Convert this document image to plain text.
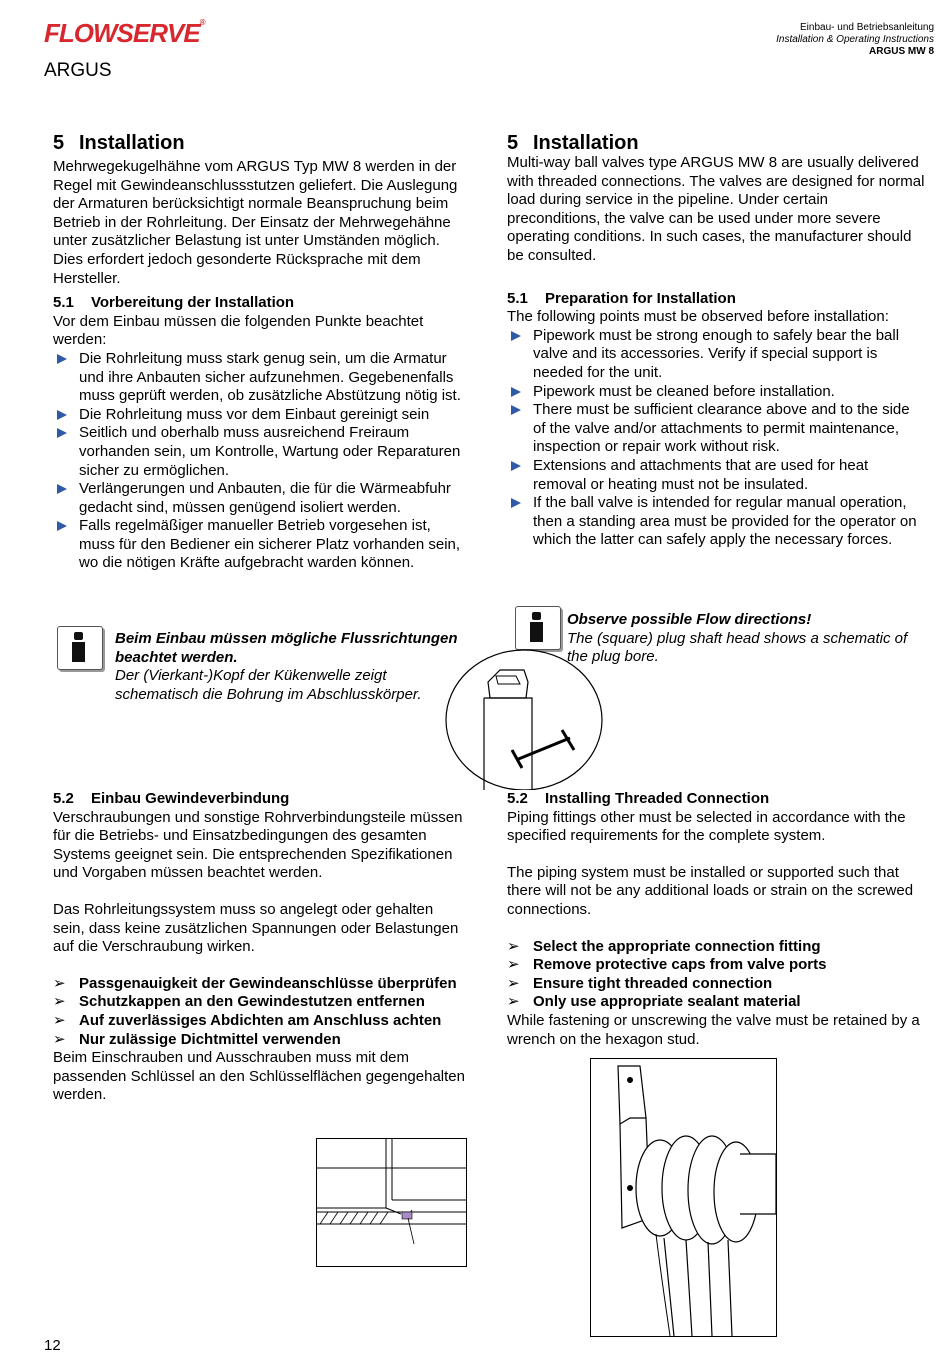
FLOWSERVE®
ARGUS
Einbau- und Betriebsanleitung
Installation & Operating Instructions
ARGUS MW 8
5 Installation

Mehrwegekugelhähne vom ARGUS Typ MW 8 werden in der Regel mit Gewindeanschlussstutzen geliefert. Die Auslegung der Armaturen berücksichtigt normale Beanspruchung beim Betrieb in der Rohrleitung. Der Einsatz der Mehrwegehähne unter zusätzlicher Belastung ist unter Umständen möglich. Dies erfordert jedoch gesonderte Rücksprache mit dem Hersteller.

5.1 Vorbereitung der Installation

Vor dem Einbau müssen die folgenden Punkte beachtet werden:

Die Rohrleitung muss stark genug sein, um die Armatur und ihre Anbauten sicher aufzunehmen. Gegebenenfalls muss geprüft werden, ob zusätzliche Abstützung nötig ist.
Die Rohrleitung muss vor dem Einbaut gereinigt sein
Seitlich und oberhalb muss ausreichend Freiraum vorhanden sein, um Kontrolle, Wartung oder Reparaturen sicher zu ermöglichen.
Verlängerungen und Anbauten, die für die Wärmeabfuhr gedacht sind, müssen genügend isoliert werden.
Falls regelmäßiger manueller Betrieb vorgesehen ist, muss für den Bediener ein sicherer Platz vorhanden sein, wo die nötigen Kräfte aufgebracht warden können.
Beim Einbau müssen mögliche Flussrichtungen beachtet werden.
Der (Vierkant-)Kopf der Kükenwelle zeigt schematisch die Bohrung im Abschlusskörper.
5.2 Einbau Gewindeverbindung

Verschraubungen und sonstige Rohrverbindungsteile müssen für die Betriebs- und Einsatzbedingungen des gesamten Systems geeignet sein. Die entsprechenden Spezifikationen und Vorgaben müssen beachtet werden.

Das Rohrleitungssystem muss so angelegt oder gehalten sein, dass keine zusätzlichen Spannungen oder Belastungen auf die Verschraubung wirken.

➢ Passgenauigkeit der Gewindeanschlüsse überprüfen
➢ Schutzkappen an den Gewindestutzen entfernen
➢ Auf zuverlässiges Abdichten am Anschluss achten
➢ Nur zulässige Dichtmittel verwenden

Beim Einschrauben und Ausschrauben muss mit dem passenden Schlüssel an den Schlüsselflächen gegengehalten werden.

5 Installation

Multi-way ball valves type ARGUS MW 8 are usually delivered with threaded connections. The valves are designed for normal load during service in the pipeline. Under certain preconditions, the valve can be used under more severe operating conditions. In such cases, the manufacturer should be consulted.

5.1 Preparation for Installation

The following points must be observed before installation:

Pipework must be strong enough to safely bear the ball valve and its accessories. Verify if special support is needed for the unit.
Pipework must be cleaned before installation.
There must be sufficient clearance above and to the side of the valve and/or attachments to permit maintenance, inspection or repair work without risk.
Extensions and attachments that are used for heat removal or heating must not be insulated.
If the ball valve is intended for regular manual operation, then a standing area must be provided for the operator on which the latter can safely apply the necessary forces.
Observe possible Flow directions!
The (square) plug shaft head shows a schematic of the plug bore.
5.2 Installing Threaded Connection

Piping fittings other must be selected in accordance with the specified requirements for the complete system.

The piping system must be installed or supported such that there will not be any additional loads or strain on the screwed connections.

➢ Select the appropriate connection fitting
➢ Remove protective caps from valve ports
➢ Ensure tight threaded connection
➢ Only use appropriate sealant material

While fastening or unscrewing the valve must be retained by a wrench on the hexagon stud.

12
